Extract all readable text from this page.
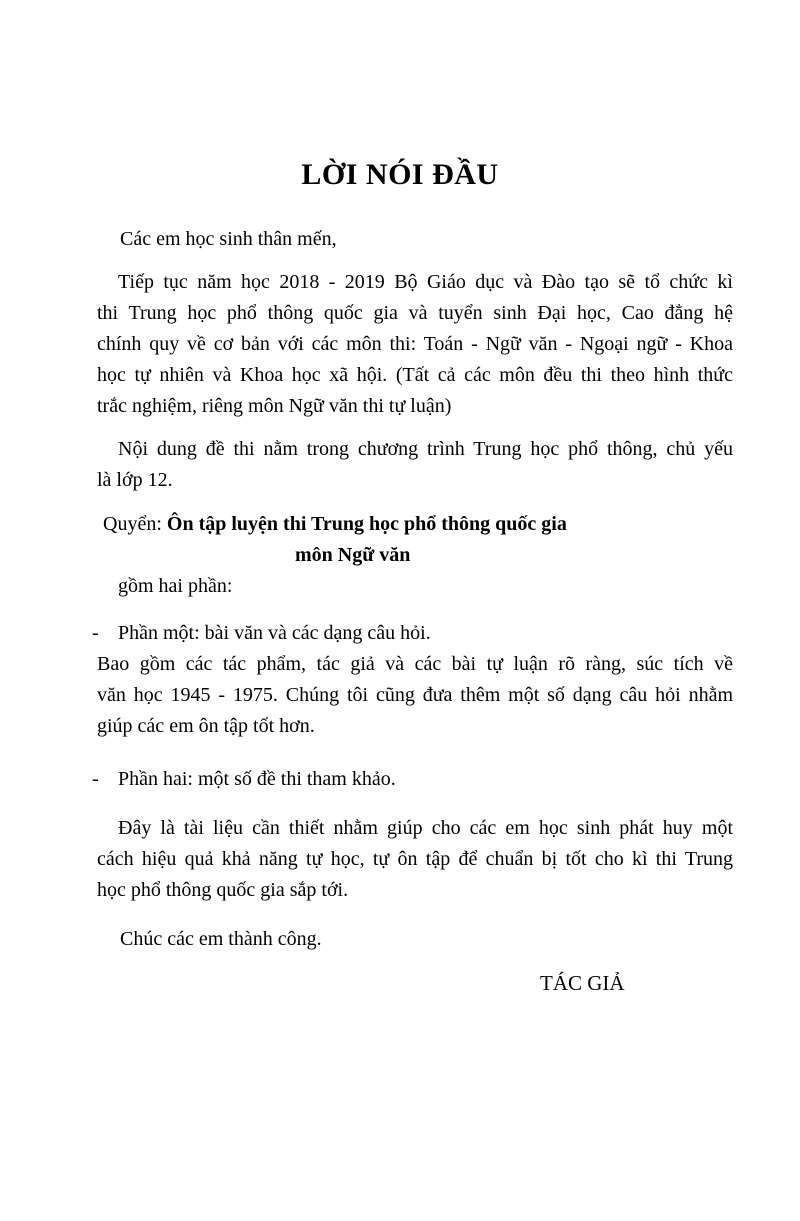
LỜI NÓI ĐẦU
Các em học sinh thân mến,
Tiếp tục năm học 2018 - 2019 Bộ Giáo dục và Đào tạo sẽ tổ chức kì
thi Trung học phổ thông quốc gia và tuyển sinh Đại học, Cao đẳng hệ
chính quy về cơ bản với các môn thi: Toán - Ngữ văn - Ngoại ngữ - Khoa
học tự nhiên và Khoa học xã hội. (Tất cả các môn đều thi theo hình thức
trắc nghiệm, riêng môn Ngữ văn thi tự luận)
Nội dung đề thi nằm trong chương trình Trung học phổ thông, chủ yếu
là lớp 12.
Quyển: Ôn tập luyện thi Trung học phổ thông quốc gia
môn Ngữ văn
gồm hai phần:
- Phần một: bài văn và các dạng câu hỏi.
Bao gồm các tác phẩm, tác giả và các bài tự luận rõ ràng, súc tích về
văn học 1945 - 1975. Chúng tôi cũng đưa thêm một số dạng câu hỏi nhằm
giúp các em ôn tập tốt hơn.
- Phần hai: một số đề thi tham khảo.
Đây là tài liệu cần thiết nhằm giúp cho các em học sinh phát huy một
cách hiệu quả khả năng tự học, tự ôn tập để chuẩn bị tốt cho kì thi Trung
học phổ thông quốc gia sắp tới.
Chúc các em thành công.
TÁC GIẢ
